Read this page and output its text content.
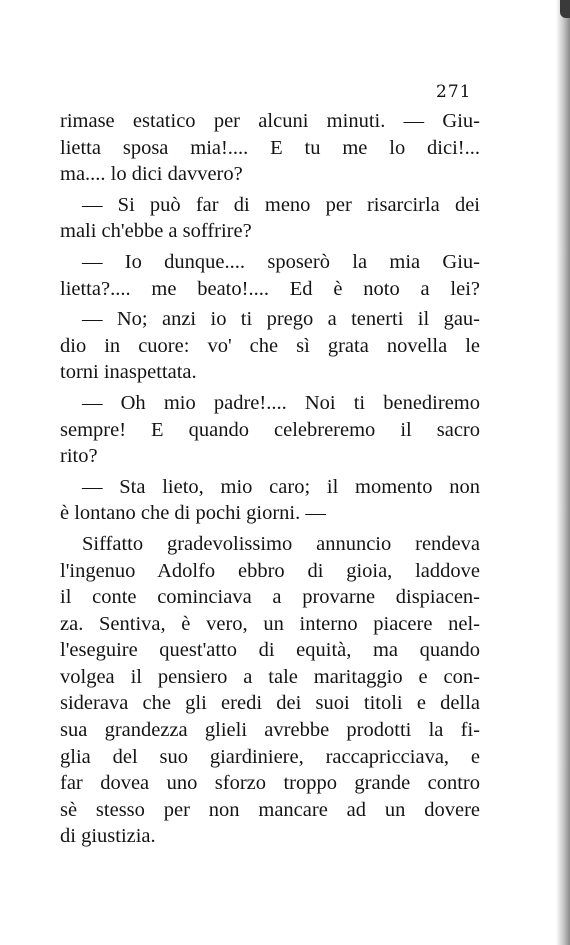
271
rimase estatico per alcuni minuti. — Giu-
lietta sposa mia!.... E tu me lo dici!...
ma.... lo dici davvero?
— Si può far di meno per risarcirla dei
mali ch'ebbe a soffrire?
— Io dunque.... sposerò la mia Giu-
lietta?.... me beato!.... Ed è noto a lei?
— No; anzi io ti prego a tenerti il gau-
dio in cuore: vo' che sì grata novella le
torni inaspettata.
— Oh mio padre!.... Noi ti benediremo
sempre! E quando celebreremo il sacro
rito?
— Sta lieto, mio caro; il momento non
è lontano che di pochi giorni. —
Siffatto gradevolissimo annuncio rendeva
l'ingenuo Adolfo ebbro di gioia, laddove
il conte cominciava a provarne dispiacen-
za. Sentiva, è vero, un interno piacere nel-
l'eseguire quest'atto di equità, ma quando
volgea il pensiero a tale maritaggio e con-
siderava che gli eredi dei suoi titoli e della
sua grandezza glieli avrebbe prodotti la fi-
glia del suo giardiniere, raccapricciava, e
far dovea uno sforzo troppo grande contro
sè stesso per non mancare ad un dovere
di giustizia.
